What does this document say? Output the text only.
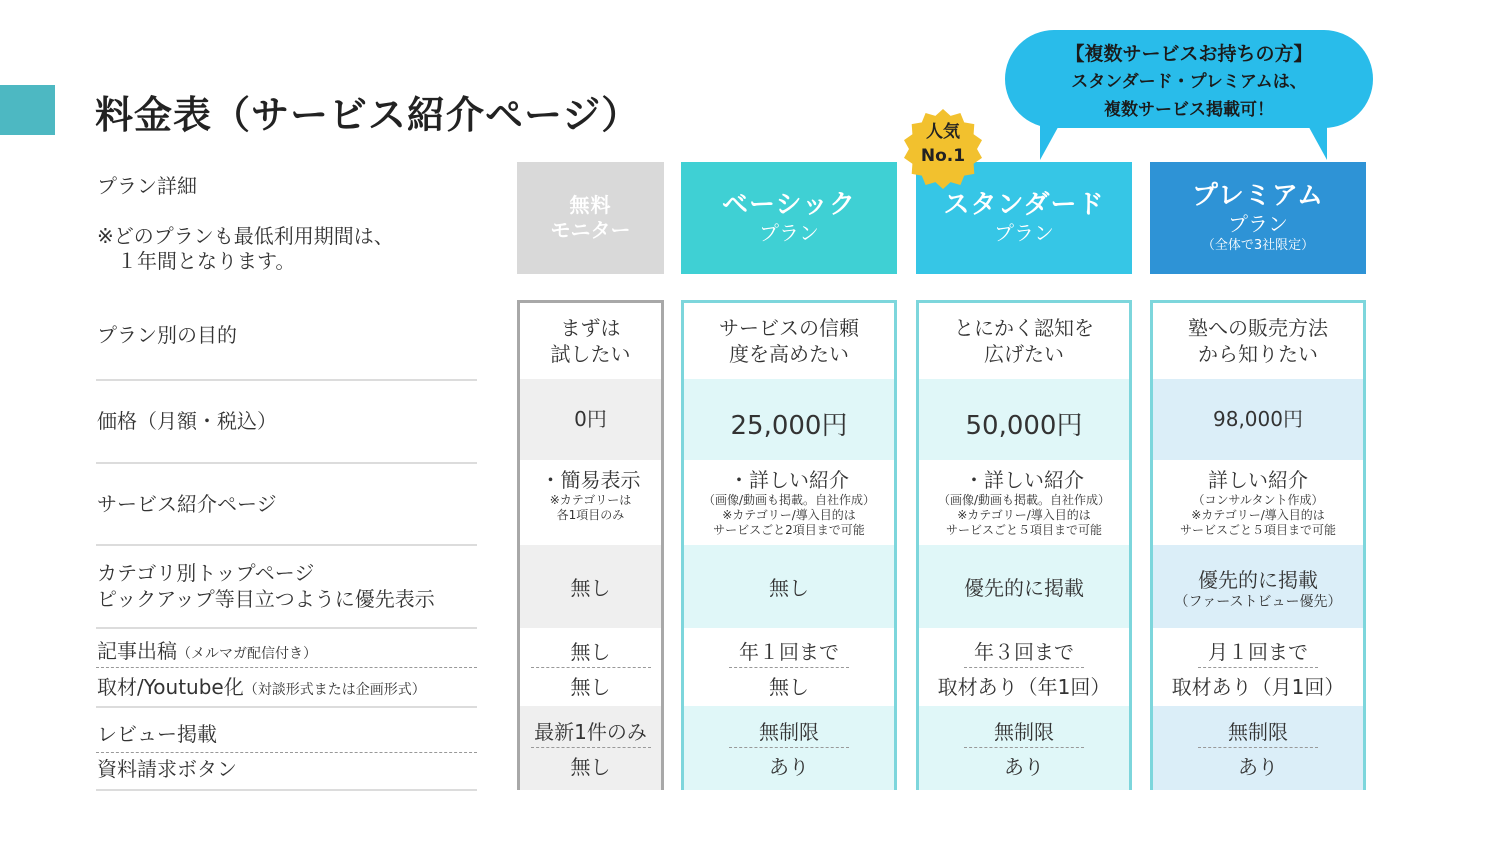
料金表（サービス紹介ページ）
プラン詳細
※どのプランも最低利用期間は、
　１年間となります。
プラン別の目的
価格（月額・税込）
サービス紹介ページ
カテゴリ別トップページ
ピックアップ等目立つように優先表示
記事出稿（メルマガ配信付き）
取材/Youtube化（対談形式または企画形式）
レビュー掲載
資料請求ボタン
【複数サービスお持ちの方】
スタンダード・プレミアムは、
複数サービス掲載可！
無料
モニター
ベーシック
プラン
スタンダード
プラン
プレミアム
プラン
（全体で3社限定）
人気
No.1
まずは
試したい
0円
・簡易表示
※カテゴリーは
各1項目のみ
無し
無し
無し
最新1件のみ
無し
サービスの信頼
度を高めたい
25,000円
・詳しい紹介
（画像/動画も掲載。自社作成）
※カテゴリー/導入目的は
サービスごと2項目まで可能
無し
年１回まで
無し
無制限
あり
とにかく認知を
広げたい
50,000円
・詳しい紹介
（画像/動画も掲載。自社作成）
※カテゴリー/導入目的は
サービスごと５項目まで可能
優先的に掲載
年３回まで
取材あり（年1回）
無制限
あり
塾への販売方法
から知りたい
98,000円
詳しい紹介
（コンサルタント作成）
※カテゴリー/導入目的は
サービスごと５項目まで可能
優先的に掲載
（ファーストビュー優先）
月１回まで
取材あり（月1回）
無制限
あり
